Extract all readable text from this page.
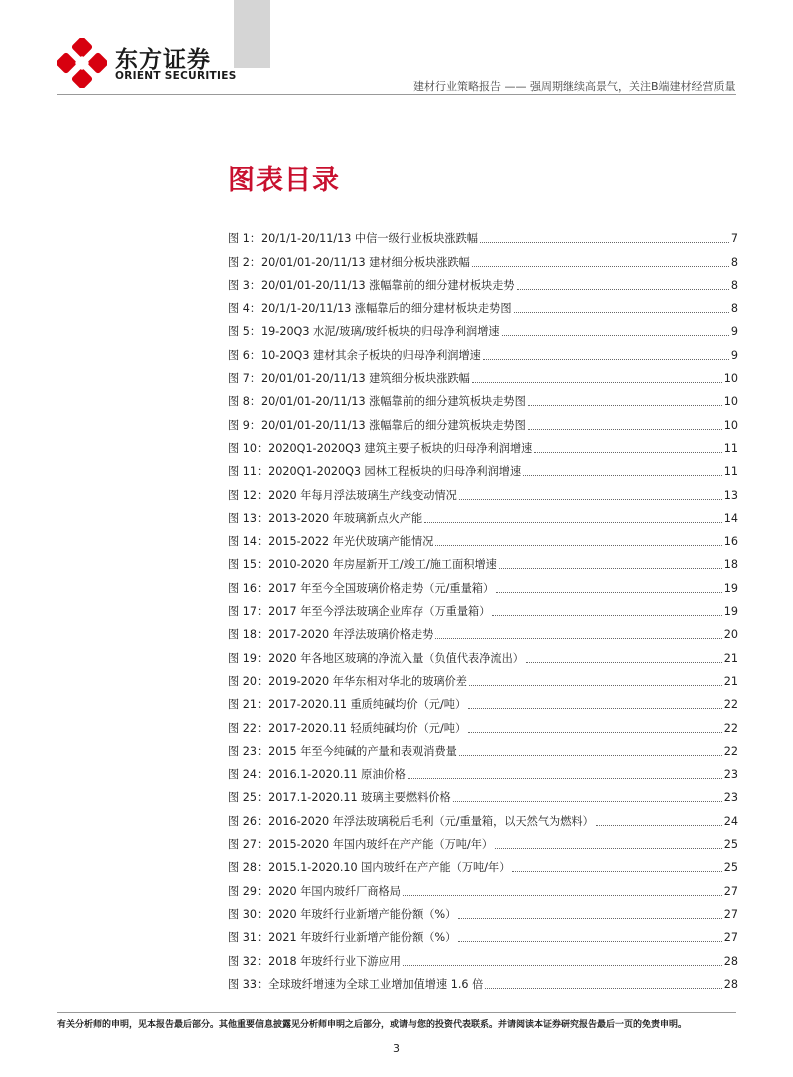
东方证券
ORIENT SECURITIES
建材行业策略报告 —— 强周期继续高景气，关注B端建材经营质量
图表目录
图 1：20/1/1-20/11/13 中信一级行业板块涨跌幅	7
图 2：20/01/01-20/11/13 建材细分板块涨跌幅	8
图 3：20/01/01-20/11/13 涨幅靠前的细分建材板块走势	8
图 4：20/1/1-20/11/13 涨幅靠后的细分建材板块走势图	8
图 5：19-20Q3 水泥/玻璃/玻纤板块的归母净利润增速	9
图 6：10-20Q3 建材其余子板块的归母净利润增速	9
图 7：20/01/01-20/11/13 建筑细分板块涨跌幅	10
图 8：20/01/01-20/11/13 涨幅靠前的细分建筑板块走势图	10
图 9：20/01/01-20/11/13 涨幅靠后的细分建筑板块走势图	10
图 10：2020Q1-2020Q3 建筑主要子板块的归母净利润增速	11
图 11：2020Q1-2020Q3 园林工程板块的归母净利润增速	11
图 12：2020 年每月浮法玻璃生产线变动情况	13
图 13：2013-2020 年玻璃新点火产能	14
图 14：2015-2022 年光伏玻璃产能情况	16
图 15：2010-2020 年房屋新开工/竣工/施工面积增速	18
图 16：2017 年至今全国玻璃价格走势（元/重量箱）	19
图 17：2017 年至今浮法玻璃企业库存（万重量箱）	19
图 18：2017-2020 年浮法玻璃价格走势	20
图 19：2020 年各地区玻璃的净流入量（负值代表净流出）	21
图 20：2019-2020 年华东相对华北的玻璃价差	21
图 21：2017-2020.11 重质纯碱均价（元/吨）	22
图 22：2017-2020.11 轻质纯碱均价（元/吨）	22
图 23：2015 年至今纯碱的产量和表观消费量	22
图 24：2016.1-2020.11 原油价格	23
图 25：2017.1-2020.11 玻璃主要燃料价格	23
图 26：2016-2020 年浮法玻璃税后毛利（元/重量箱，以天然气为燃料）	24
图 27：2015-2020 年国内玻纤在产产能（万吨/年）	25
图 28：2015.1-2020.10 国内玻纤在产产能（万吨/年）	25
图 29：2020 年国内玻纤厂商格局	27
图 30：2020 年玻纤行业新增产能份额（%）	27
图 31：2021 年玻纤行业新增产能份额（%）	27
图 32：2018 年玻纤行业下游应用	28
图 33：全球玻纤增速为全球工业增加值增速 1.6 倍	28
有关分析师的申明，见本报告最后部分。其他重要信息披露见分析师申明之后部分，或请与您的投资代表联系。并请阅读本证券研究报告最后一页的免责申明。
3
